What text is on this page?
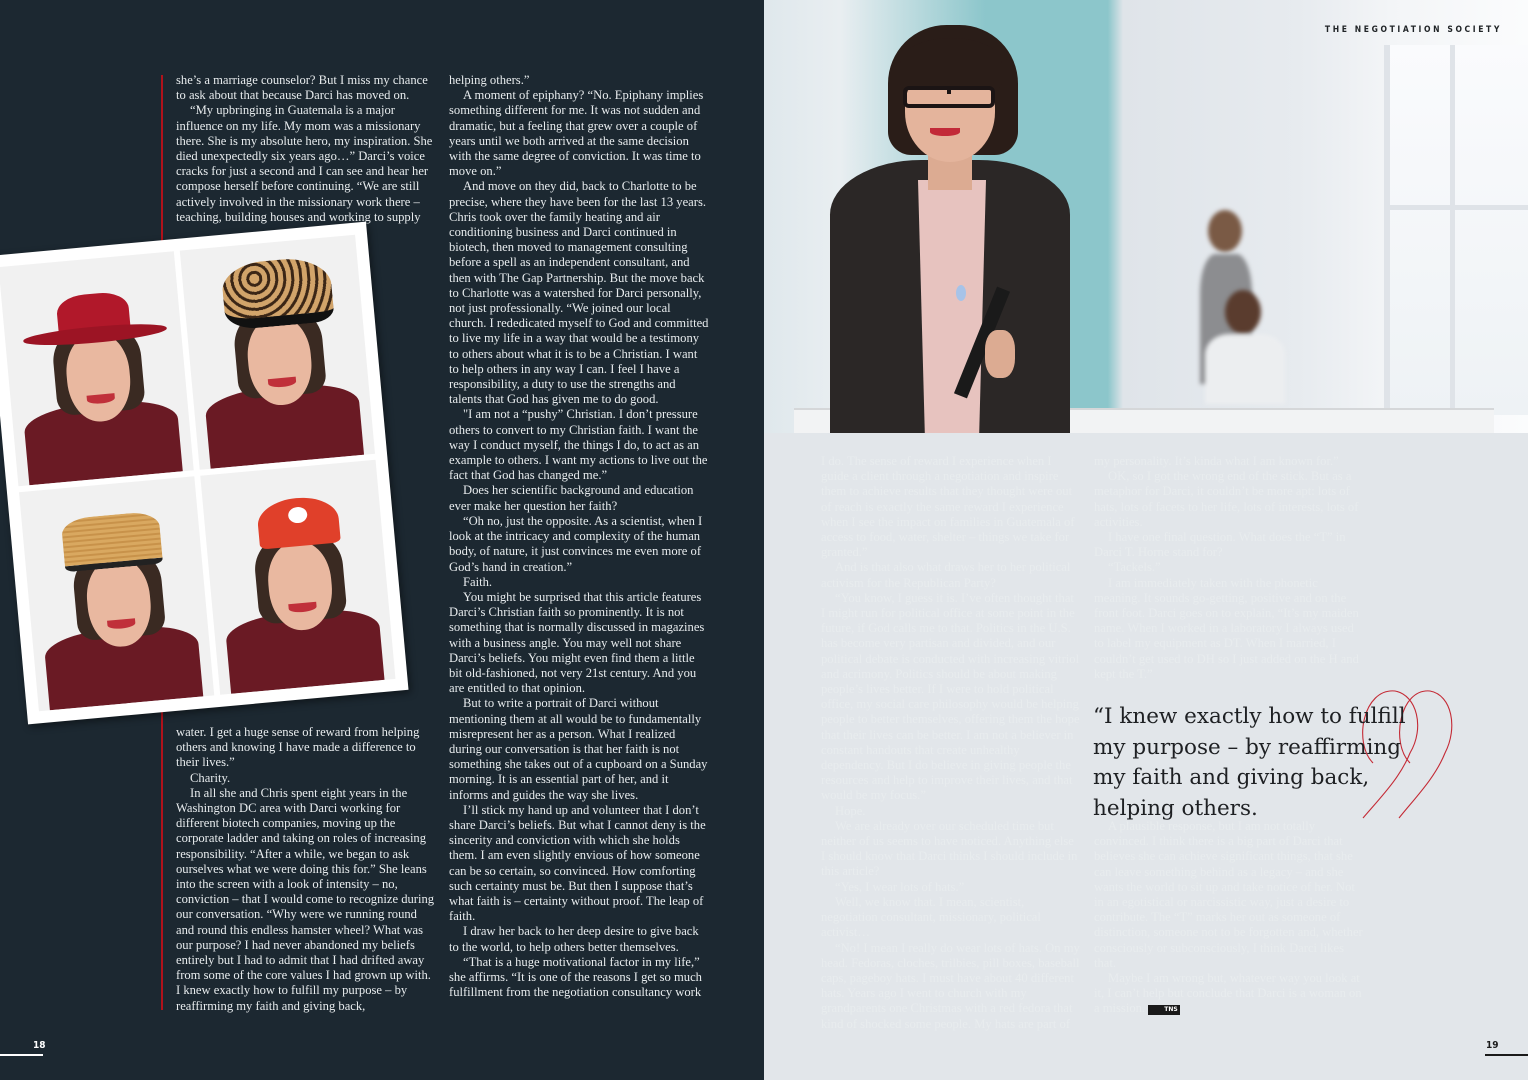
she’s a marriage counselor? But I miss my chance to ask about that because Darci has moved on.

“My upbringing in Guatemala is a major influence on my life. My mom was a missionary there. She is my absolute hero, my inspiration. She died unexpectedly six years ago…” Darci’s voice cracks for just a second and I can see and hear her compose herself before continuing. “We are still actively involved in the missionary work there – teaching, building houses and working to supply

water. I get a huge sense of reward from helping others and knowing I have made a difference to their lives.”

Charity.

In all she and Chris spent eight years in the Washington DC area with Darci working for different biotech companies, moving up the corporate ladder and taking on roles of increasing responsibility. “After a while, we began to ask ourselves what we were doing this for.” She leans into the screen with a look of intensity – no, conviction – that I would come to recognize during our conversation. “Why were we running round and round this endless hamster wheel? What was our purpose? I had never abandoned my beliefs entirely but I had to admit that I had drifted away from some of the core values I had grown up with. I knew exactly how to fulfill my purpose – by reaffirming my faith and giving back,

helping others.”

A moment of epiphany? “No. Epiphany implies something different for me. It was not sudden and dramatic, but a feeling that grew over a couple of years until we both arrived at the same decision with the same degree of conviction. It was time to move on.”

And move on they did, back to Charlotte to be precise, where they have been for the last 13 years. Chris took over the family heating and air conditioning business and Darci continued in biotech, then moved to management consulting before a spell as an independent consultant, and then with The Gap Partnership. But the move back to Charlotte was a watershed for Darci personally, not just professionally. “We joined our local church. I rededicated myself to God and committed to live my life in a way that would be a testimony to others about what it is to be a Christian. I want to help others in any way I can. I feel I have a responsibility, a duty to use the strengths and talents that God has given me to do good.

"I am not a “pushy” Christian. I don’t pressure others to convert to my Christian faith. I want the way I conduct myself, the things I do, to act as an example to others. I want my actions to live out the fact that God has changed me.”

Does her scientific background and education ever make her question her faith?

“Oh no, just the opposite. As a scientist, when I look at the intricacy and complexity of the human body, of nature, it just convinces me even more of God’s hand in creation.”

Faith.

You might be surprised that this article features Darci’s Christian faith so prominently. It is not something that is normally discussed in magazines with a business angle. You may well not share Darci’s beliefs. You might even find them a little bit old-fashioned, not very 21st century. And you are entitled to that opinion.

But to write a portrait of Darci without mentioning them at all would be to fundamentally misrepresent her as a person. What I realized during our conversation is that her faith is not something she takes out of a cupboard on a Sunday morning. It is an essential part of her, and it informs and guides the way she lives.

I’ll stick my hand up and volunteer that I don’t share Darci’s beliefs. But what I cannot deny is the sincerity and conviction with which she holds them. I am even slightly envious of how someone can be so certain, so convinced. How comforting such certainty must be. But then I suppose that’s what faith is – certainty without proof. The leap of faith.

I draw her back to her deep desire to give back to the world, to help others better themselves.

“That is a huge motivational factor in my life,” she affirms. “It is one of the reasons I get so much fulfillment from the negotiation consultancy work

18
THE NEGOTIATION SOCIETY

I do. The sense of reward I experience when I guide a client through a negotiation and inspire them to achieve results that they thought were out of reach is exactly the same reward I experience when I see the impact on families in Guatemala of access to food, water, shelter – things we take for granted.”

And is that also what draws her to her political activism for the Republican Party?

“You know, I guess it is. I’ve often thought that I might run for political office at some point in the future, if God calls me to that. Politics in the U.S. has become very partisan and divided, and our political debate is conducted with increasing vitriol and acrimony. Politics should be about making people’s lives better. If I were to hold political office, my social care philosophy would be helping people to better themselves, offering them the hope that their lives can be better. I am not a believer in constant handouts that create unhealthy dependency. But I do believe in giving people the resources and help to improve their lives, and that would be my focus.”

Hope.

We are already over our scheduled time but neither of us seems to have noticed. Anything else I should know that Darci thinks I should include in this article?

“Yes, I wear lots of hats.”

Well, we know that. I mean, scientist, negotiation consultant, missionary, political activist…

“No! I mean I really do wear lots of hats. On my head. Fedoras, cloches, trilbies, pill boxes, baseball caps, pageboy hats. I must have about 40 different hats. Years ago I went to church with my grandparents one Christmas with a red fedora that kind of shocked some people. My hats are part of

my personality. It’s kinda what I am known for.”

OK, so I got the wrong end of the stick. But as a metaphor for Darci, it couldn’t be more apt: lots of hats, lots of facets to her life, lots of interests, lots of activities.

I have one final question. What does the “T” in Darci T. Horne stand for?

“Tackels.”

I am immediately taken with the phonetic meaning. It sounds go-getting, positive and on the front foot. Darci goes on to explain, “It’s my maiden name. When I worked in a laboratory I always used to label my equipment as DT. When I married, I couldn’t get used to DH so I just added on the H and kept the T.”

“I knew exactly how to fulfill my purpose – by reaffirming my faith and giving back, helping others.

A plausible response, but I am not totally convinced. I think there is a big part of Darci that believes she can achieve significant things, that she can leave something behind as a legacy – and she wants the world to sit up and take notice of her. Not in an egotistical or narcissistic way, just a desire to contribute. The “T” marks her out as someone of distinction, someone not to be forgotten and, whether consciously or subconsciously, I think Darci likes that.

Maybe I am wrong but, whatever way you look at it, I can’t help but conclude that Darci is a woman on a mission.	TNS

19
